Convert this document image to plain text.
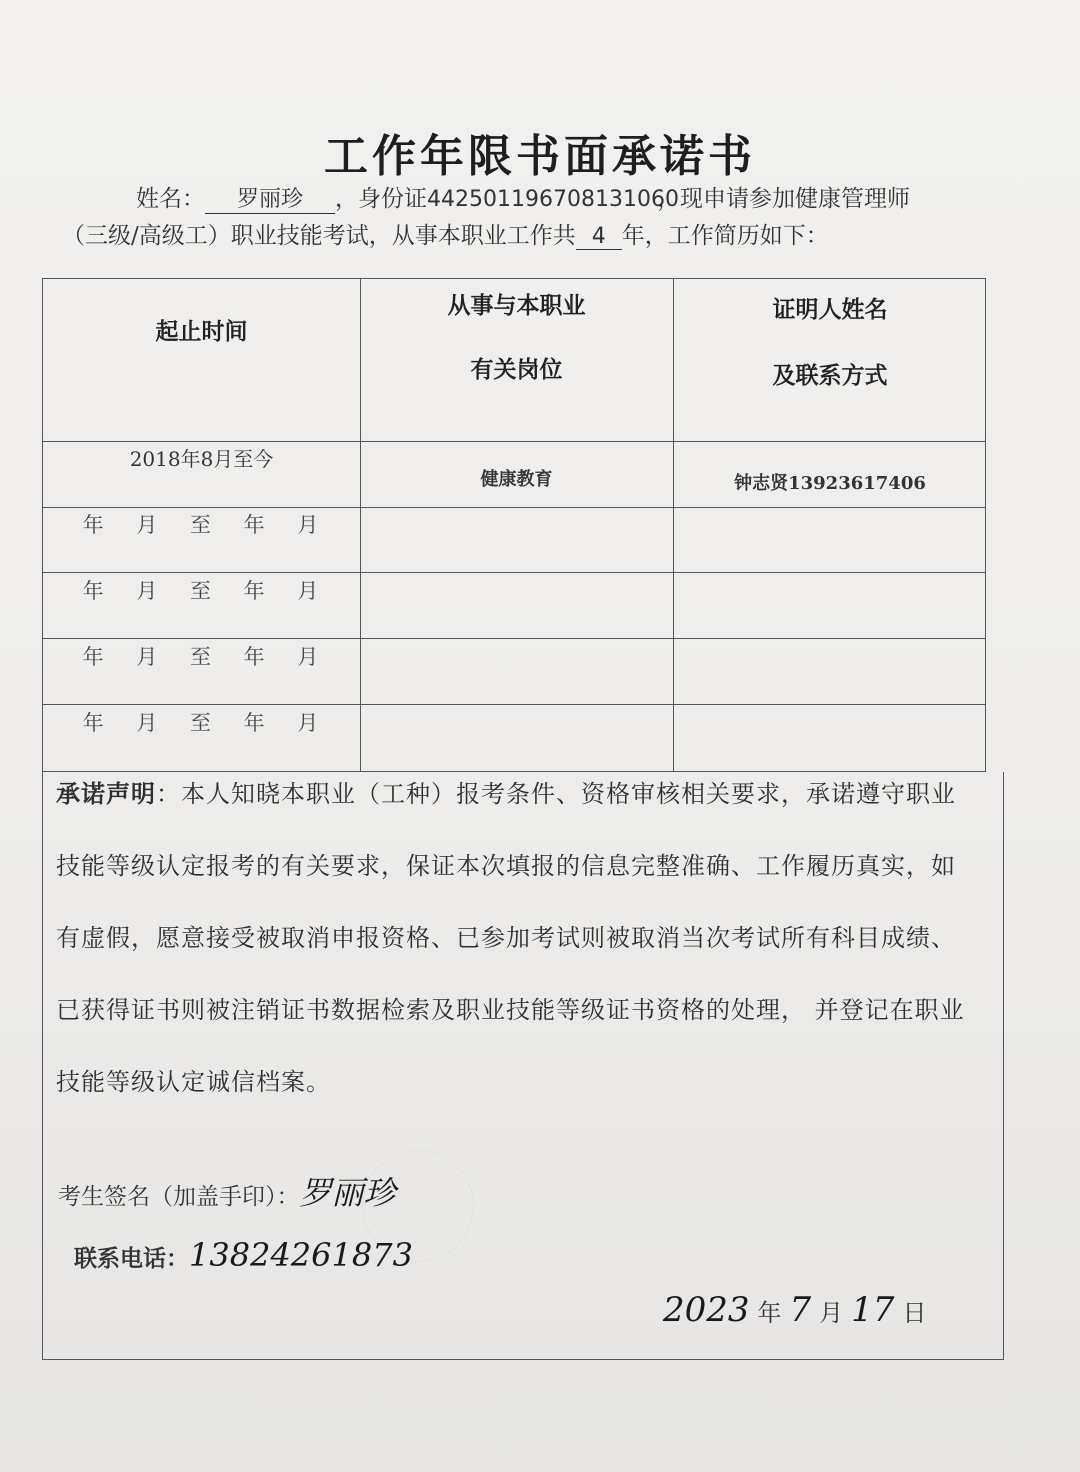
工作年限书面承诺书
姓名： 罗丽珍 ，身份证442501196708131060，现申请参加健康管理师
（三级/高级工）职业技能考试，从事本职业工作共 4 年，工作简历如下：
起止时间
从事与本职业
有关岗位
证明人姓名
及联系方式
2018年8月至今
健康教育	钟志贤13923617406
年 月 至 年 月
年 月 至 年 月
年 月 至 年 月
年 月 至 年 月
承诺声明：本人知晓本职业（工种）报考条件、资格审核相关要求，承诺遵守职业技能等级认定报考的有关要求，保证本次填报的信息完整准确、工作履历真实，如有虚假，愿意接受被取消申报资格、已参加考试则被取消当次考试所有科目成绩、已获得证书则被注销证书数据检索及职业技能等级证书资格的处理， 并登记在职业技能等级认定诚信档案。
考生签名（加盖手印）：罗丽珍
联系电话：13824261873
2023 年 7 月 17 日
